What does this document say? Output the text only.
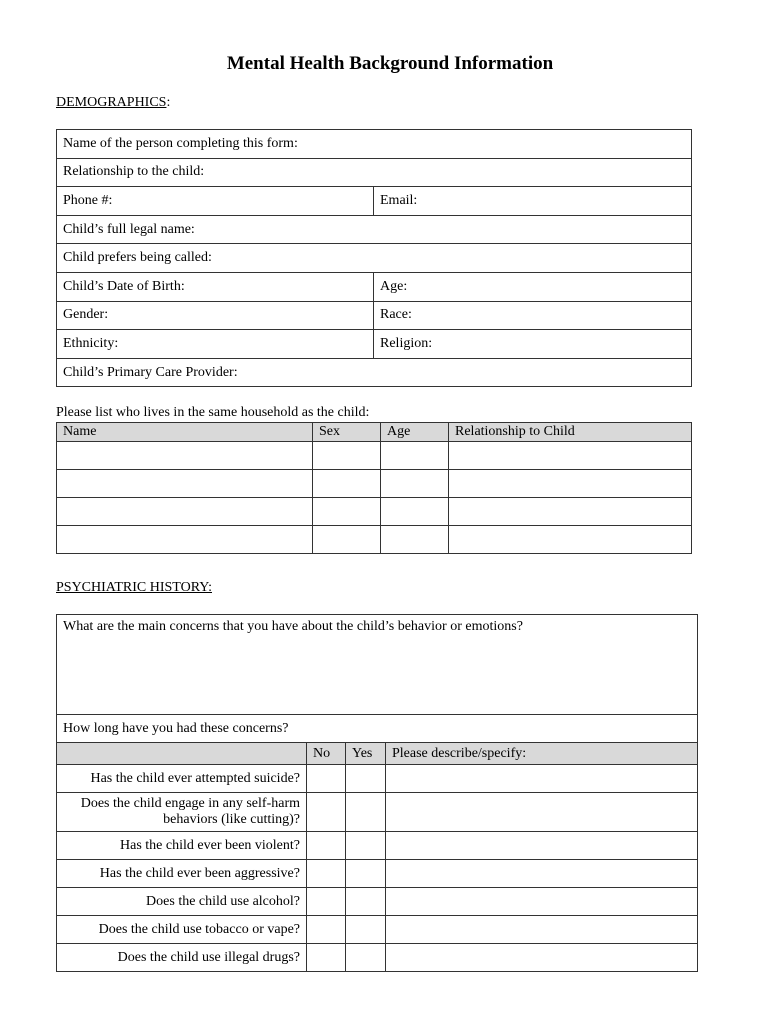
Mental Health Background Information
DEMOGRAPHICS:
Name of the person completing this form:	
Relationship to the child:	
Phone #:	Email:
Child’s full legal name:	
Child prefers being called:	
Child’s Date of Birth:	Age:
Gender:	Race:
Ethnicity:	Religion:
Child’s Primary Care Provider:	
Please list who lives in the same household as the child:
Name	Sex	Age	Relationship to Child

PSYCHIATRIC HISTORY:
What are the main concerns that you have about the child’s behavior or emotions?			
How long have you had these concerns?			
	No	Yes	Please describe/specify:
Has the child ever attempted suicide?			
Does the child engage in any self-harm behaviors (like cutting)?			
Has the child ever been violent?			
Has the child ever been aggressive?			
Does the child use alcohol?			
Does the child use tobacco or vape?			
Does the child use illegal drugs?			
